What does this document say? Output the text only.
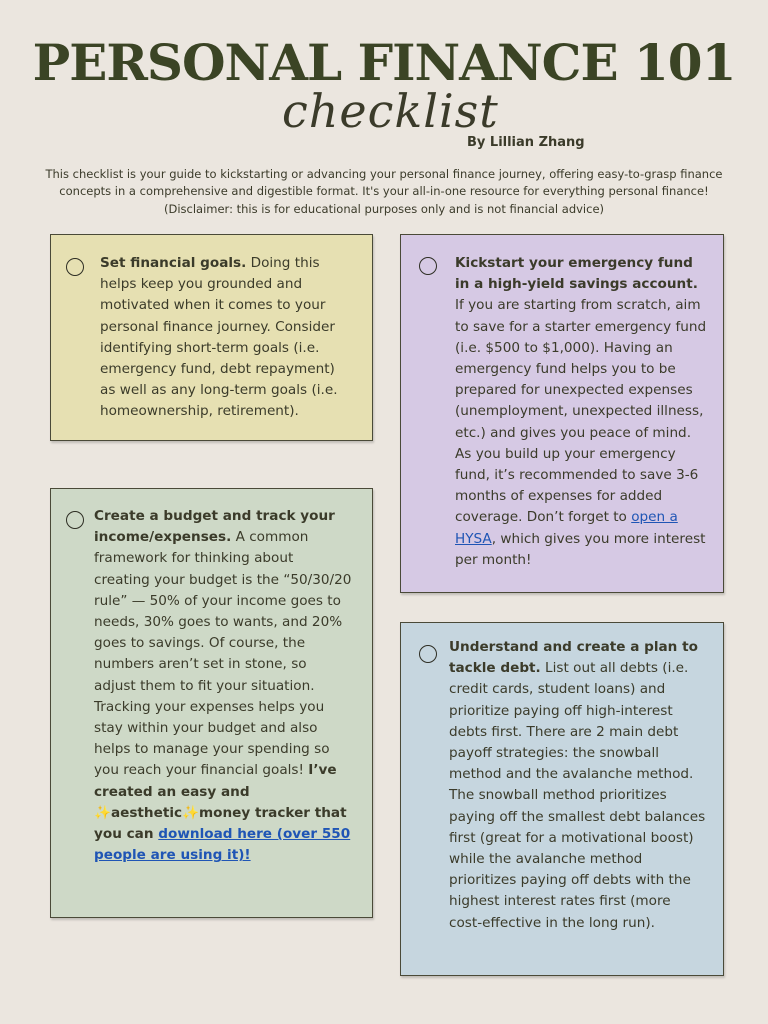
PERSONAL FINANCE 101
checklist
By Lillian Zhang
This checklist is your guide to kickstarting or advancing your personal finance journey, offering easy-to-grasp finance
concepts in a comprehensive and digestible format. It's your all-in-one resource for everything personal finance!
(Disclaimer: this is for educational purposes only and is not financial advice)
Set financial goals. Doing this helps keep you grounded and motivated when it comes to your personal finance journey. Consider identifying short-term goals (i.e. emergency fund, debt repayment) as well as any long-term goals (i.e. homeownership, retirement).
Kickstart your emergency fund in a high-yield savings account. If you are starting from scratch, aim to save for a starter emergency fund (i.e. $500 to $1,000). Having an emergency fund helps you to be prepared for unexpected expenses (unemployment, unexpected illness, etc.) and gives you peace of mind. As you build up your emergency fund, it’s recommended to save 3-6 months of expenses for added coverage. Don’t forget to open a HYSA, which gives you more interest per month!
Create a budget and track your income/expenses. A common framework for thinking about creating your budget is the “50/30/20 rule” — 50% of your income goes to needs, 30% goes to wants, and 20% goes to savings. Of course, the numbers aren’t set in stone, so adjust them to fit your situation. Tracking your expenses helps you stay within your budget and also helps to manage your spending so you reach your financial goals! I’ve created an easy and ✨aesthetic✨money tracker that you can download here (over 550 people are using it)!
Understand and create a plan to tackle debt. List out all debts (i.e. credit cards, student loans) and prioritize paying off high-interest debts first. There are 2 main debt payoff strategies: the snowball method and the avalanche method. The snowball method prioritizes paying off the smallest debt balances first (great for a motivational boost) while the avalanche method prioritizes paying off debts with the highest interest rates first (more cost-effective in the long run).
